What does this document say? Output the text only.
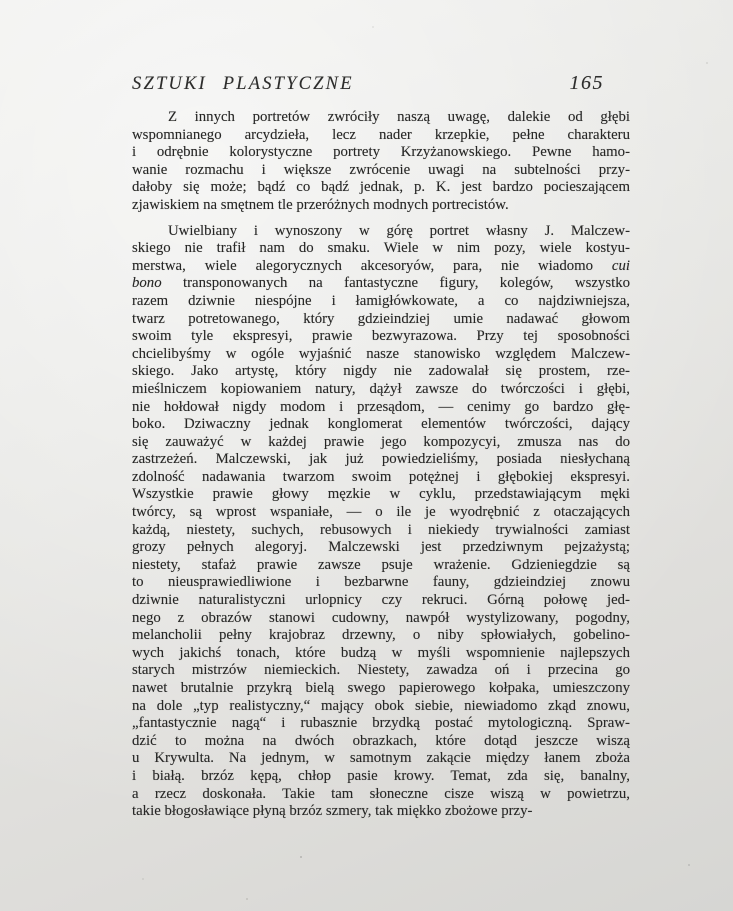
SZTUKI PLASTYCZNE	165
Z innych portretów zwróciły naszą uwagę, dalekie od głębi
wspomnianego arcydzieła, lecz nader krzepkie, pełne charakteru
i odrębnie kolorystyczne portrety Krzyżanowskiego. Pewne hamo-
wanie rozmachu i większe zwrócenie uwagi na subtelności przy-
dałoby się może; bądź co bądź jednak, p. K. jest bardzo pocieszającem
zjawiskiem na smętnem tle przeróżnych modnych portrecistów.
Uwielbiany i wynoszony w górę portret własny J. Malczew-
skiego nie trafił nam do smaku. Wiele w nim pozy, wiele kostyu-
merstwa, wiele alegorycznych akcesoryów, para, nie wiadomo cui
bono transponowanych na fantastyczne figury, kolegów, wszystko
razem dziwnie niespójne i łamigłówkowate, a co najdziwniejsza,
twarz potretowanego, który gdzieindziej umie nadawać głowom
swoim tyle ekspresyi, prawie bezwyrazowa. Przy tej sposobności
chcielibyśmy w ogóle wyjaśnić nasze stanowisko względem Malczew-
skiego. Jako artystę, który nigdy nie zadowalał się prostem, rze-
mieślniczem kopiowaniem natury, dążył zawsze do twórczości i głębi,
nie hołdował nigdy modom i przesądom, — cenimy go bardzo głę-
boko. Dziwaczny jednak konglomerat elementów twórczości, dający
się zauważyć w każdej prawie jego kompozycyi, zmusza nas do
zastrzeżeń. Malczewski, jak już powiedzieliśmy, posiada niesłychaną
zdolność nadawania twarzom swoim potężnej i głębokiej ekspresyi.
Wszystkie prawie głowy męzkie w cyklu, przedstawiającym męki
twórcy, są wprost wspaniałe, — o ile je wyodrębnić z otaczających
każdą, niestety, suchych, rebusowych i niekiedy trywialności zamiast
grozy pełnych alegoryj. Malczewski jest przedziwnym pejzażystą;
niestety, stafaż prawie zawsze psuje wrażenie. Gdzieniegdzie są
to nieusprawiedliwione i bezbarwne fauny, gdzieindziej znowu
dziwnie naturalistyczni urlopnicy czy rekruci. Górną połowę jed-
nego z obrazów stanowi cudowny, nawpół wystylizowany, pogodny,
melancholii pełny krajobraz drzewny, o niby spłowiałych, gobelino-
wych jakichś tonach, które budzą w myśli wspomnienie najlepszych
starych mistrzów niemieckich. Niestety, zawadza oń i przecina go
nawet brutalnie przykrą bielą swego papierowego kołpaka, umieszczony
na dole „typ realistyczny,“ mający obok siebie, niewiadomo zkąd znowu,
„fantastycznie nagą“ i rubasznie brzydką postać mytologiczną. Spraw-
dzić to można na dwóch obrazkach, które dotąd jeszcze wiszą
u Krywulta. Na jednym, w samotnym zakącie między łanem zboża
i białą. brzóz kępą, chłop pasie krowy. Temat, zda się, banalny,
a rzecz doskonała. Takie tam słoneczne cisze wiszą w powietrzu,
takie błogosławiące płyną brzóz szmery, tak miękko zbożowe przy-
